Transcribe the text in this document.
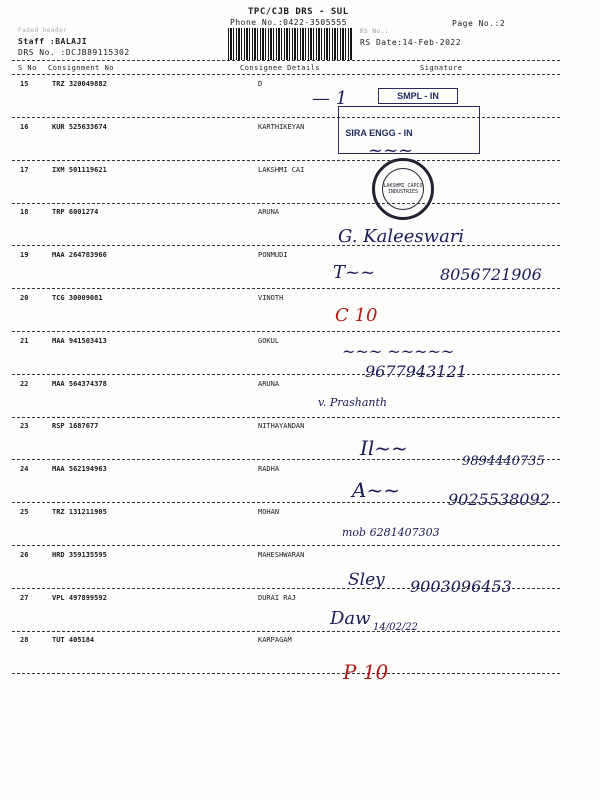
Faded header
TPC/CJB DRS - SUL
Phone No.:0422-3505555
Staff :BALAJI
DRS No. :DCJB89115302
RS No.:
RS Date:14-Feb-2022
Page No.:2
S No Consignment No	Consignee Details	Signature
15	TRZ 320049882	D
16	KUR 525633674	KARTHIKEYAN
17	IXM 501119621	LAKSHMI CAI
18	TRP 6001274	ARUNA
19	MAA 264783966	PONMUDI
20	TCG 30009081	VINOTH
21	MAA 941503413	GOKUL
22	MAA 564374378	ARUNA
23	RSP 1687677	NITHAYANDAN
24	MAA 562194963	RADHA
25	TRZ 131211905	MOHAN
26	HRD 359135595	MAHESHWARAN
27	VPL 497899592	DURAI RAJ
28	TUT 405184	KARPAGAM
SMPL - IN
SIRA ENGG - IN
LAKSHMI CAPCO INDUSTRIES
— 1
~~~
G. Kaleeswari
T~~	8056721906
C 10
~~~ ~~~~~
9677943121
v. Prashanth
Il~~
9894440735
A~~	9025538092
mob 6281407303
Sley 9003096453
Daw 14/02/22
P 10
